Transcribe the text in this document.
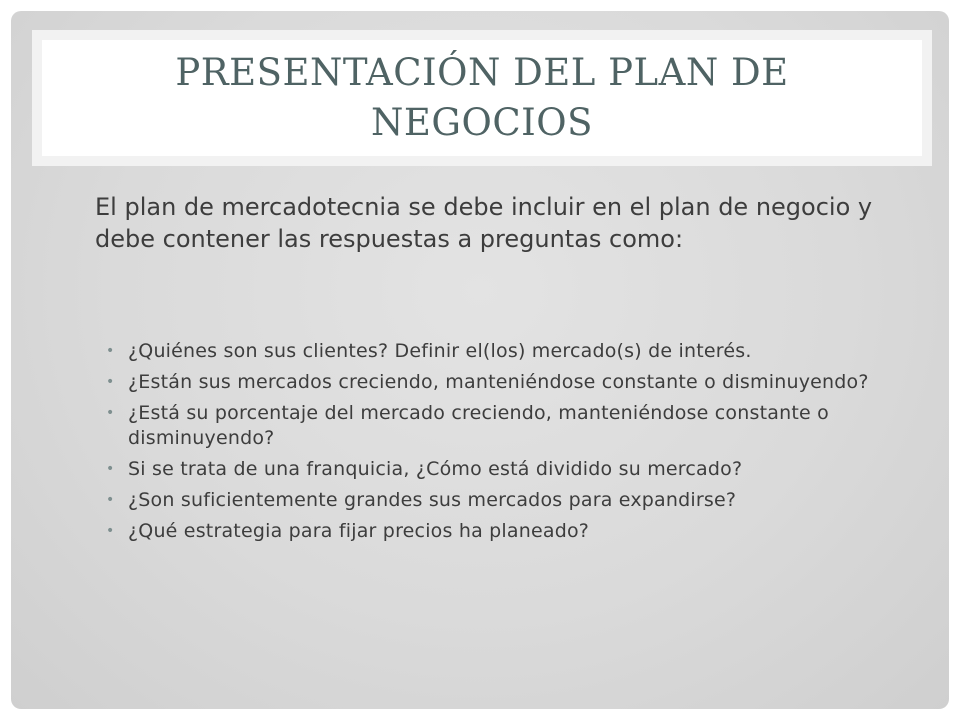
PRESENTACIÓN DEL PLAN DE NEGOCIOS

El plan de mercadotecnia se debe incluir en el plan de negocio y debe contener las respuestas a preguntas como:

• ¿Quiénes son sus clientes? Definir el(los) mercado(s) de interés.
• ¿Están sus mercados creciendo, manteniéndose constante o disminuyendo?
• ¿Está su porcentaje del mercado creciendo, manteniéndose constante o disminuyendo?
• Si se trata de una franquicia, ¿Cómo está dividido su mercado?
• ¿Son suficientemente grandes sus mercados para expandirse?
• ¿Qué estrategia para fijar precios ha planeado?
